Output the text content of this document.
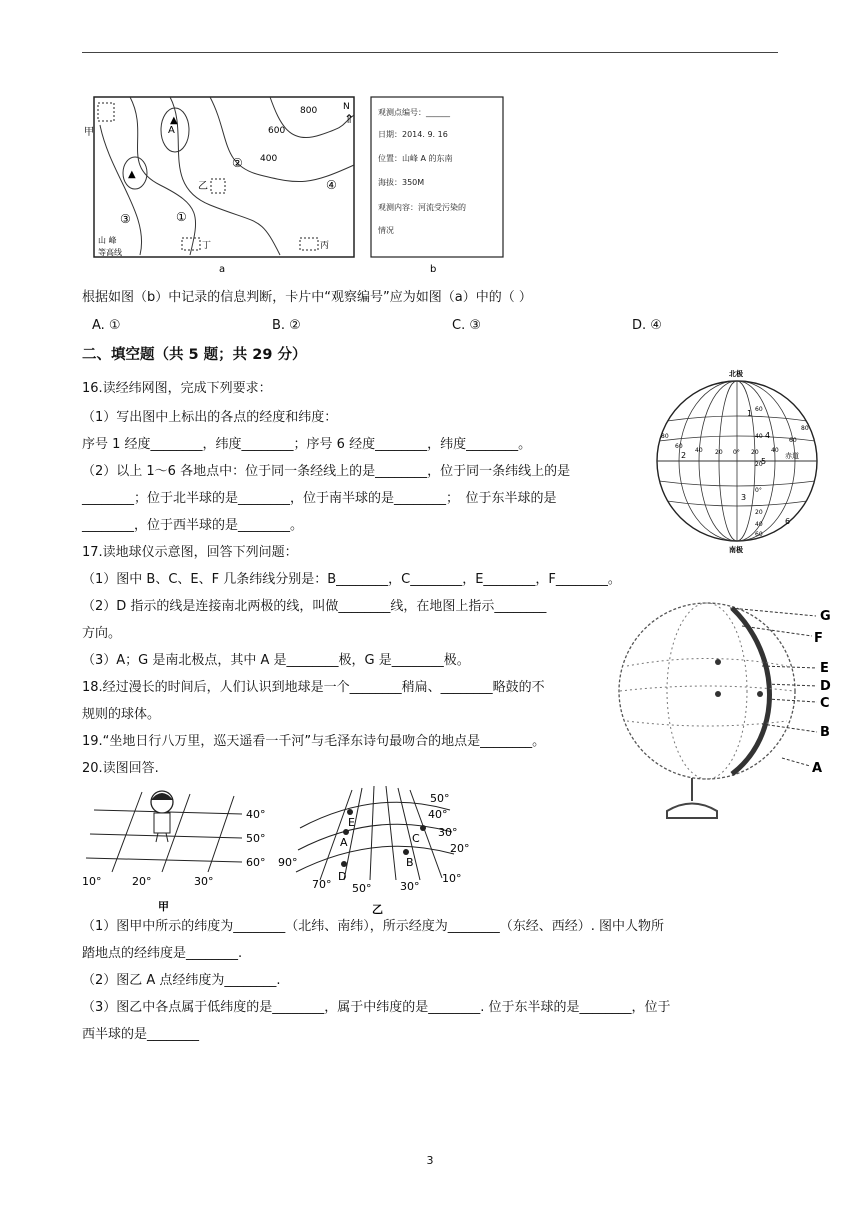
A
▲
▲
800
600
400
N
⇑
①
②
③
④
甲
乙
丙
丁
山 峰
等高线
a
观测点编号：______
日期：2014. 9. 16
位置：山峰 A 的东南
海拔：350M
观测内容：河流受污染的
情况
b
根据如图（b）中记录的信息判断，卡片中“观察编号”应为如图（a）中的（ ）
A. ①	B. ②	C. ③	D. ④
二、填空题（共 5 题；共 29 分）
16.读经纬网图，完成下列要求：
（1）写出图中上标出的各点的经度和纬度：
序号 1 经度________，纬度________；序号 6 经度________，纬度________。
（2）以上 1～6 各地点中：位于同一条经线上的是________，位于同一条纬线上的是
________；位于北半球的是________，位于南半球的是________；　位于东半球的是
________，位于西半球的是________。
北极
南极
赤道
60
40
20
0°
20
40
60
80
60
40 20 0° 20 40
60
80
1
2
3
4
5
6
17.读地球仪示意图，回答下列问题：
（1）图中 B、C、E、F 几条纬线分别是：B________，C________，E________，F________。
（2）D 指示的线是连接南北两极的线，叫做________线，在地图上指示________
方向。
（3）A；G 是南北极点，其中 A 是________极，G 是________极。
G
F
E
D
C
B
A
18.经过漫长的时间后，人们认识到地球是一个________稍扁、________略鼓的不
规则的球体。
19.“坐地日行八万里，巡天遥看一千河”与毛泽东诗句最吻合的地点是________。
20.读图回答.
40°
50°
60°
10°	20°	30°
甲
50°
40°
30°
20°
10°
90°
70° 50°	30°
E
A	C
B
D
乙
（1）图甲中所示的纬度为________（北纬、南纬），所示经度为________（东经、西经）. 图中人物所
踏地点的经纬度是________.
（2）图乙 A 点经纬度为________.
（3）图乙中各点属于低纬度的是________，属于中纬度的是________. 位于东半球的是________，位于
西半球的是________
3
